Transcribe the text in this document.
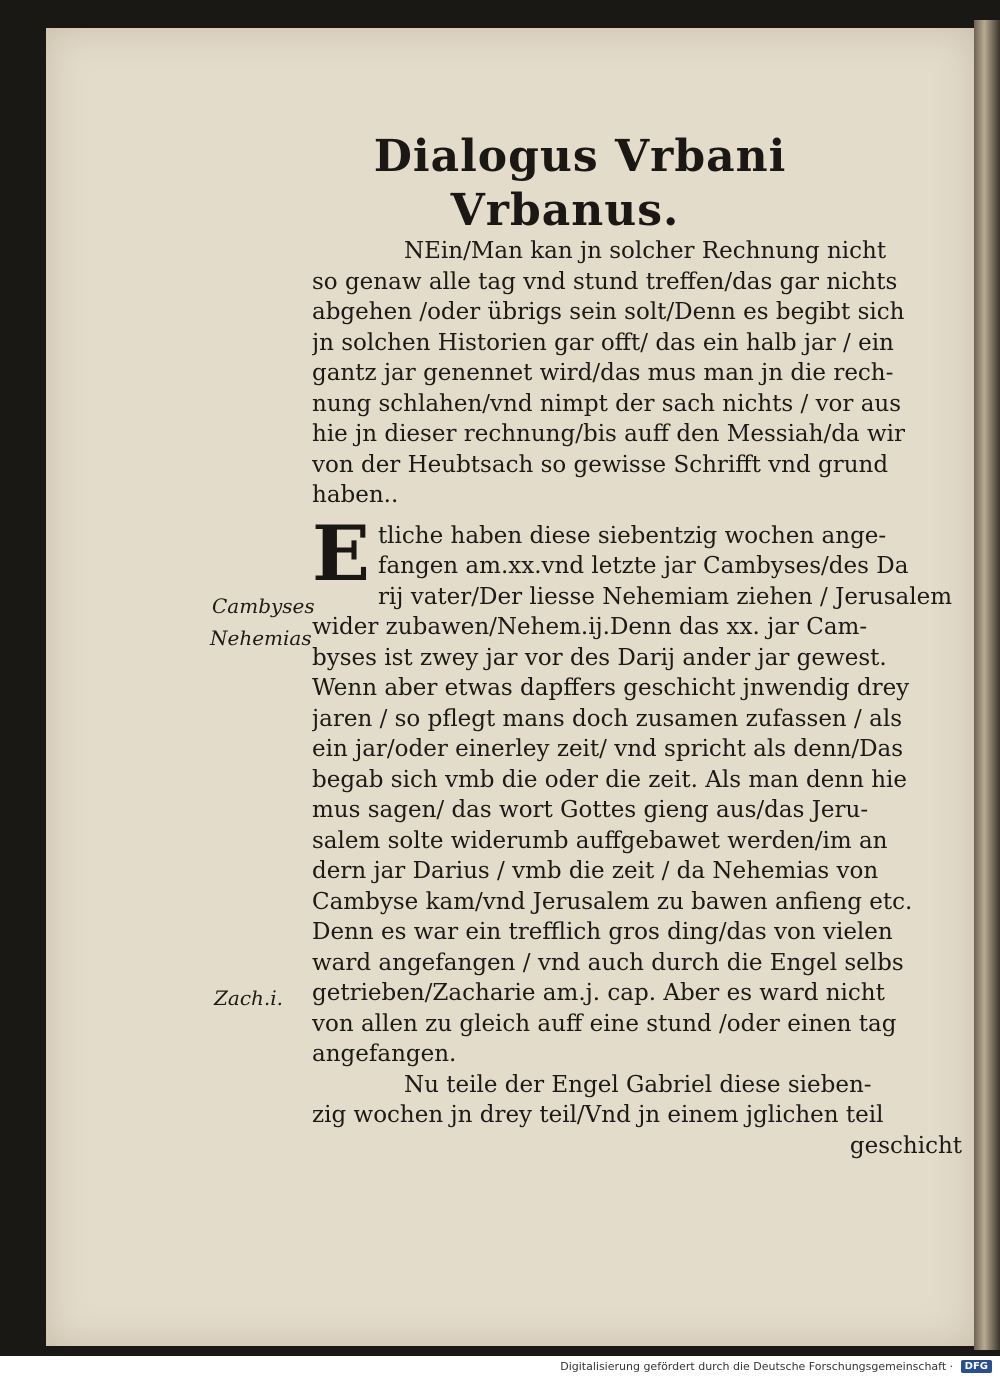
Dialogus Vrbani
Vrbanus.

NEin/Man kan jn solcher Rechnung nicht
so genaw alle tag vnd stund treffen/das gar nichts
abgehen /oder übrigs sein solt/Denn es begibt sich
jn solchen Historien gar offt/ das ein halb jar / ein
gantz jar genennet wird/das mus man jn die rech-
nung schlahen/vnd nimpt der sach nichts / vor aus
hie jn dieser rechnung/bis auff den Messiah/da wir
von der Heubtsach so gewisse Schrifft vnd grund
haben..

E tliche haben diese siebentzig wochen ange-
fangen am.xx.vnd letzte jar Cambyses/des Da
rij vater/Der liesse Nehemiam ziehen / Jerusalem
wider zubawen/Nehem.ij.Denn das xx. jar Cam-
byses ist zwey jar vor des Darij ander jar gewest.
Wenn aber etwas dapffers geschicht jnwendig drey
jaren / so pflegt mans doch zusamen zufassen / als
ein jar/oder einerley zeit/ vnd spricht als denn/Das
begab sich vmb die oder die zeit. Als man denn hie
mus sagen/ das wort Gottes gieng aus/das Jeru-
salem solte widerumb auffgebawet werden/im an
dern jar Darius / vmb die zeit / da Nehemias von
Cambyse kam/vnd Jerusalem zu bawen anfieng etc.
Denn es war ein trefflich gros ding/das von vielen
ward angefangen / vnd auch durch die Engel selbs
getrieben/Zacharie am.j. cap. Aber es ward nicht
von allen zu gleich auff eine stund /oder einen tag
angefangen.

Nu teile der Engel Gabriel diese sieben-
zig wochen jn drey teil/Vnd jn einem jglichen teil
geschicht

Cambyses
Nehemias
Zach.i.
Digitalisierung gefördert durch die Deutsche Forschungsgemeinschaft · DFG
